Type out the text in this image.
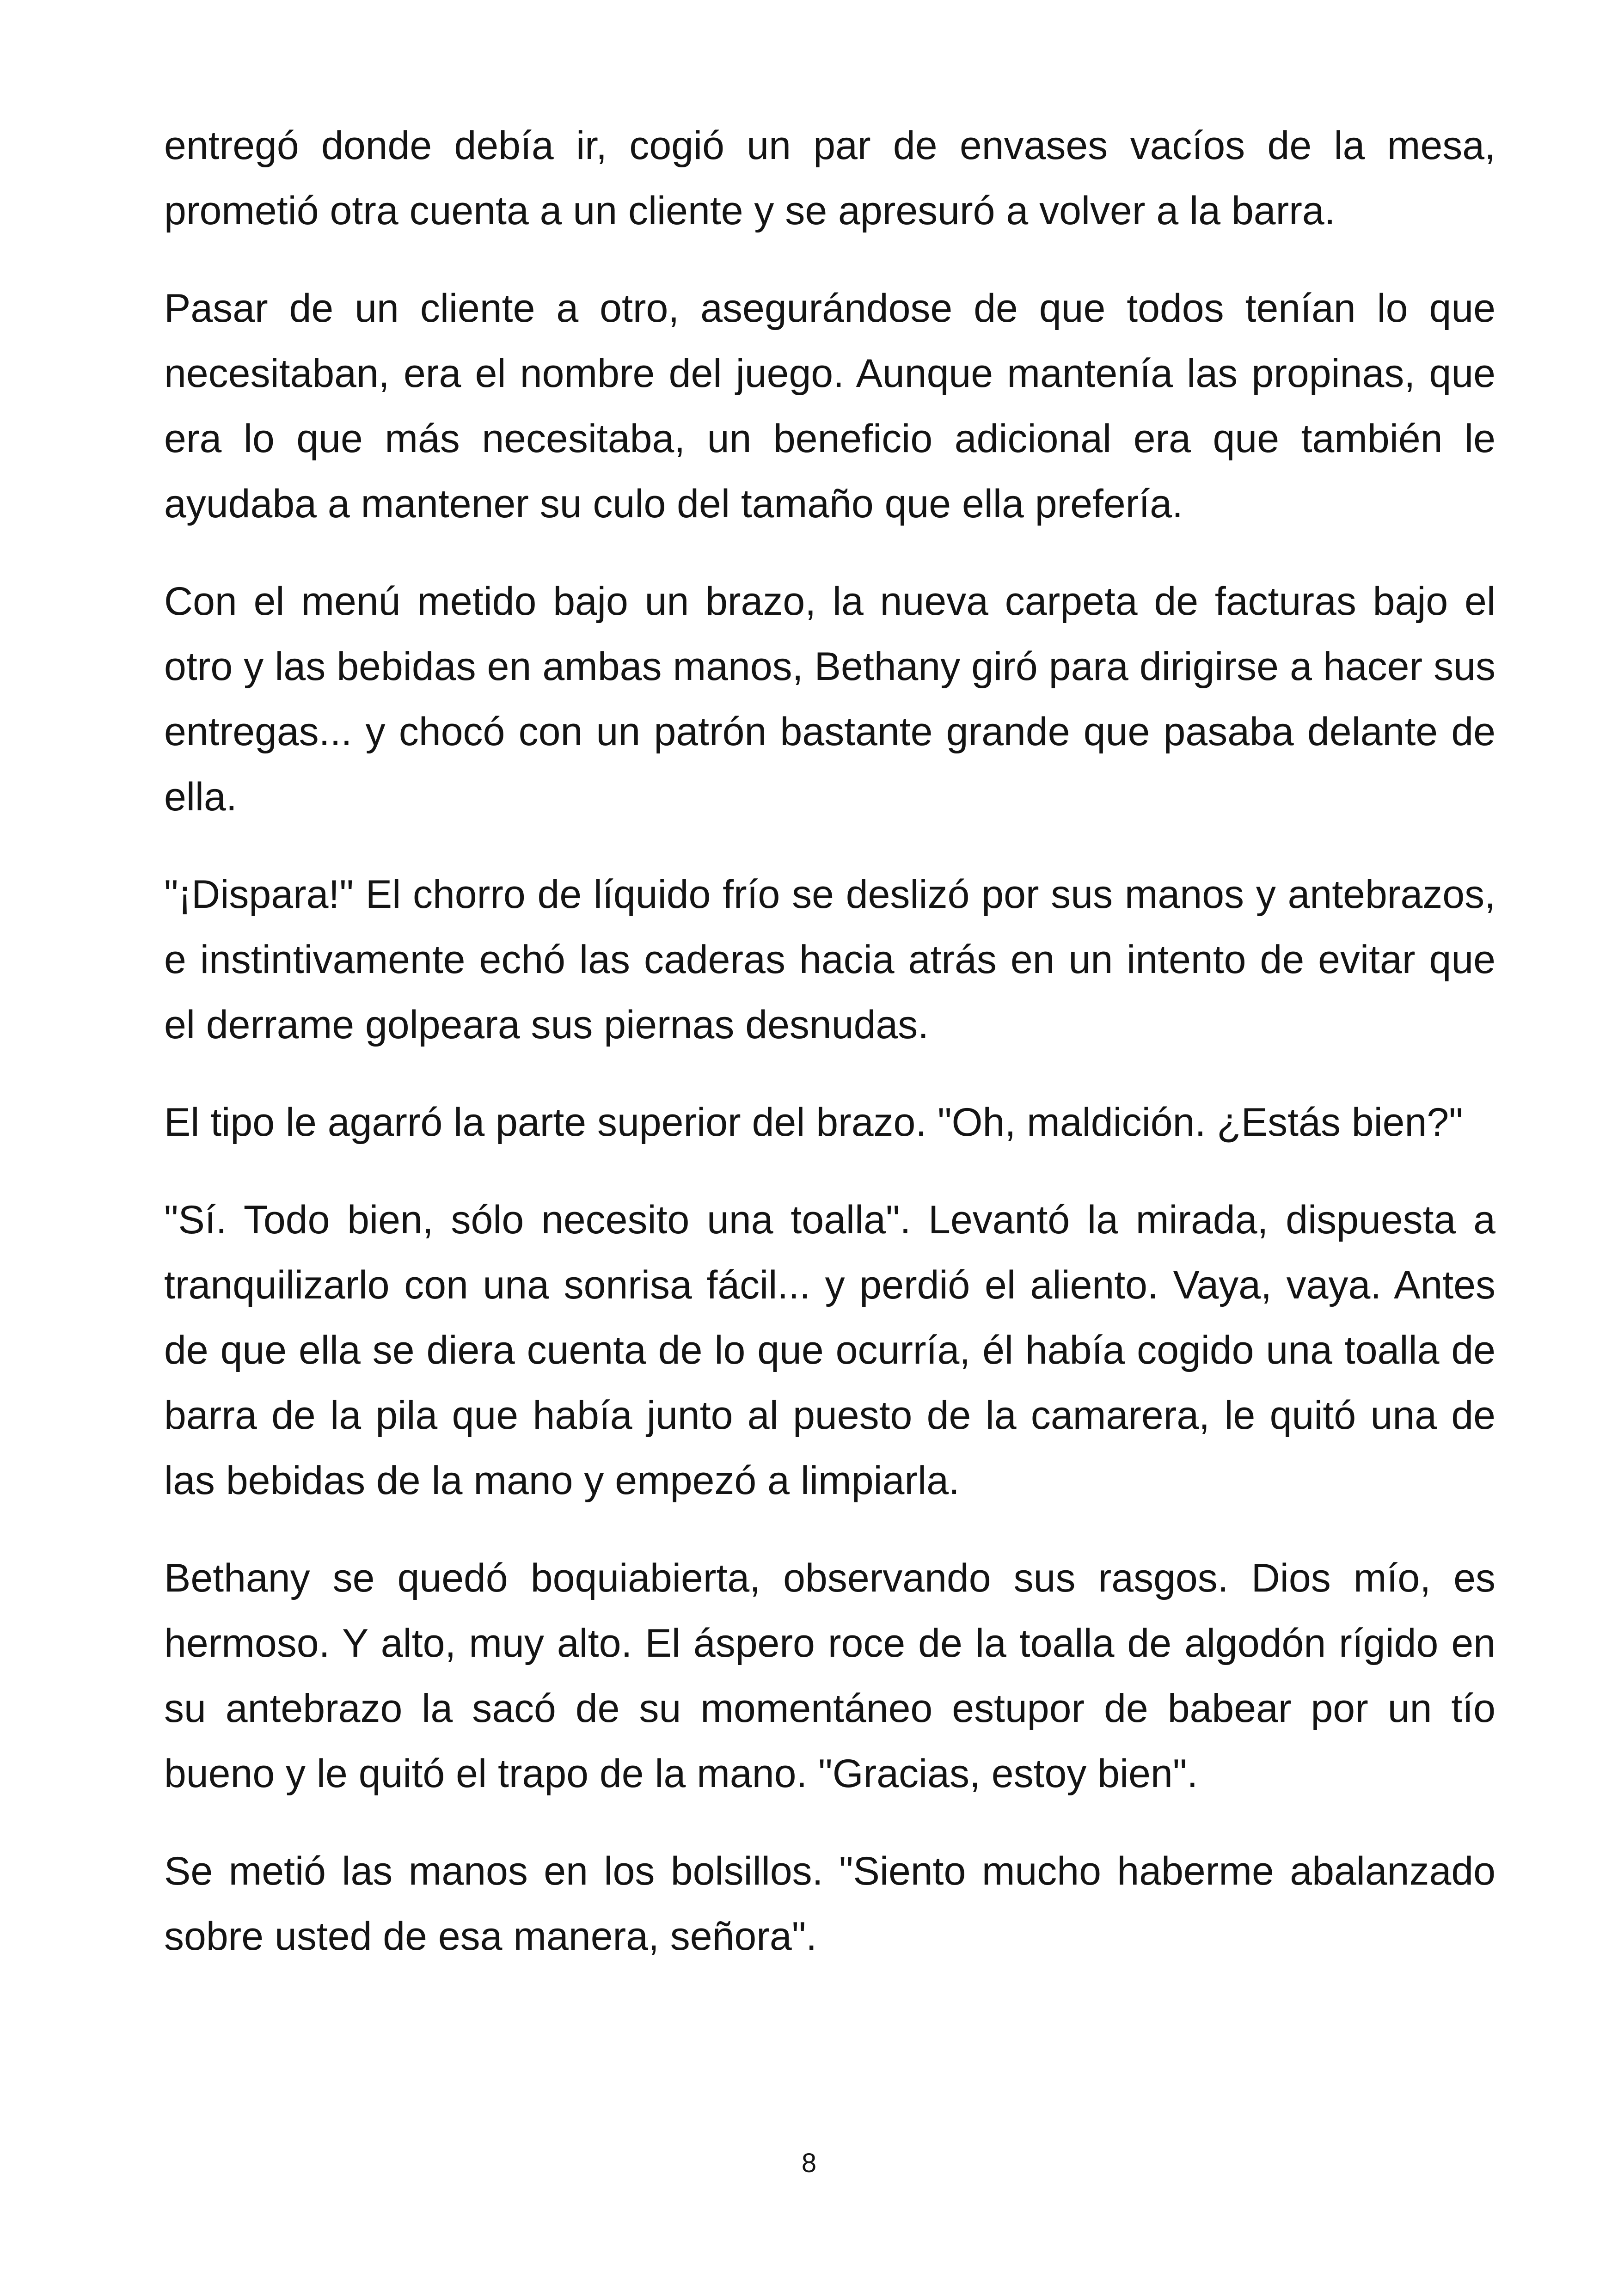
entregó donde debía ir, cogió un par de envases vacíos de la mesa, prometió otra cuenta a un cliente y se apresuró a volver a la barra.

Pasar de un cliente a otro, asegurándose de que todos tenían lo que necesitaban, era el nombre del juego. Aunque mantenía las propinas, que era lo que más necesitaba, un beneficio adicional era que también le ayudaba a mantener su culo del tamaño que ella prefería.

Con el menú metido bajo un brazo, la nueva carpeta de facturas bajo el otro y las bebidas en ambas manos, Bethany giró para dirigirse a hacer sus entregas... y chocó con un patrón bastante grande que pasaba delante de ella.

"¡Dispara!" El chorro de líquido frío se deslizó por sus manos y antebrazos, e instintivamente echó las caderas hacia atrás en un intento de evitar que el derrame golpeara sus piernas desnudas.

El tipo le agarró la parte superior del brazo. "Oh, maldición. ¿Estás bien?"

"Sí. Todo bien, sólo necesito una toalla". Levantó la mirada, dispuesta a tranquilizarlo con una sonrisa fácil... y perdió el aliento. Vaya, vaya. Antes de que ella se diera cuenta de lo que ocurría, él había cogido una toalla de barra de la pila que había junto al puesto de la camarera, le quitó una de las bebidas de la mano y empezó a limpiarla.

Bethany se quedó boquiabierta, observando sus rasgos. Dios mío, es hermoso. Y alto, muy alto. El áspero roce de la toalla de algodón rígido en su antebrazo la sacó de su momentáneo estupor de babear por un tío bueno y le quitó el trapo de la mano. "Gracias, estoy bien".

Se metió las manos en los bolsillos. "Siento mucho haberme abalanzado sobre usted de esa manera, señora".

8
